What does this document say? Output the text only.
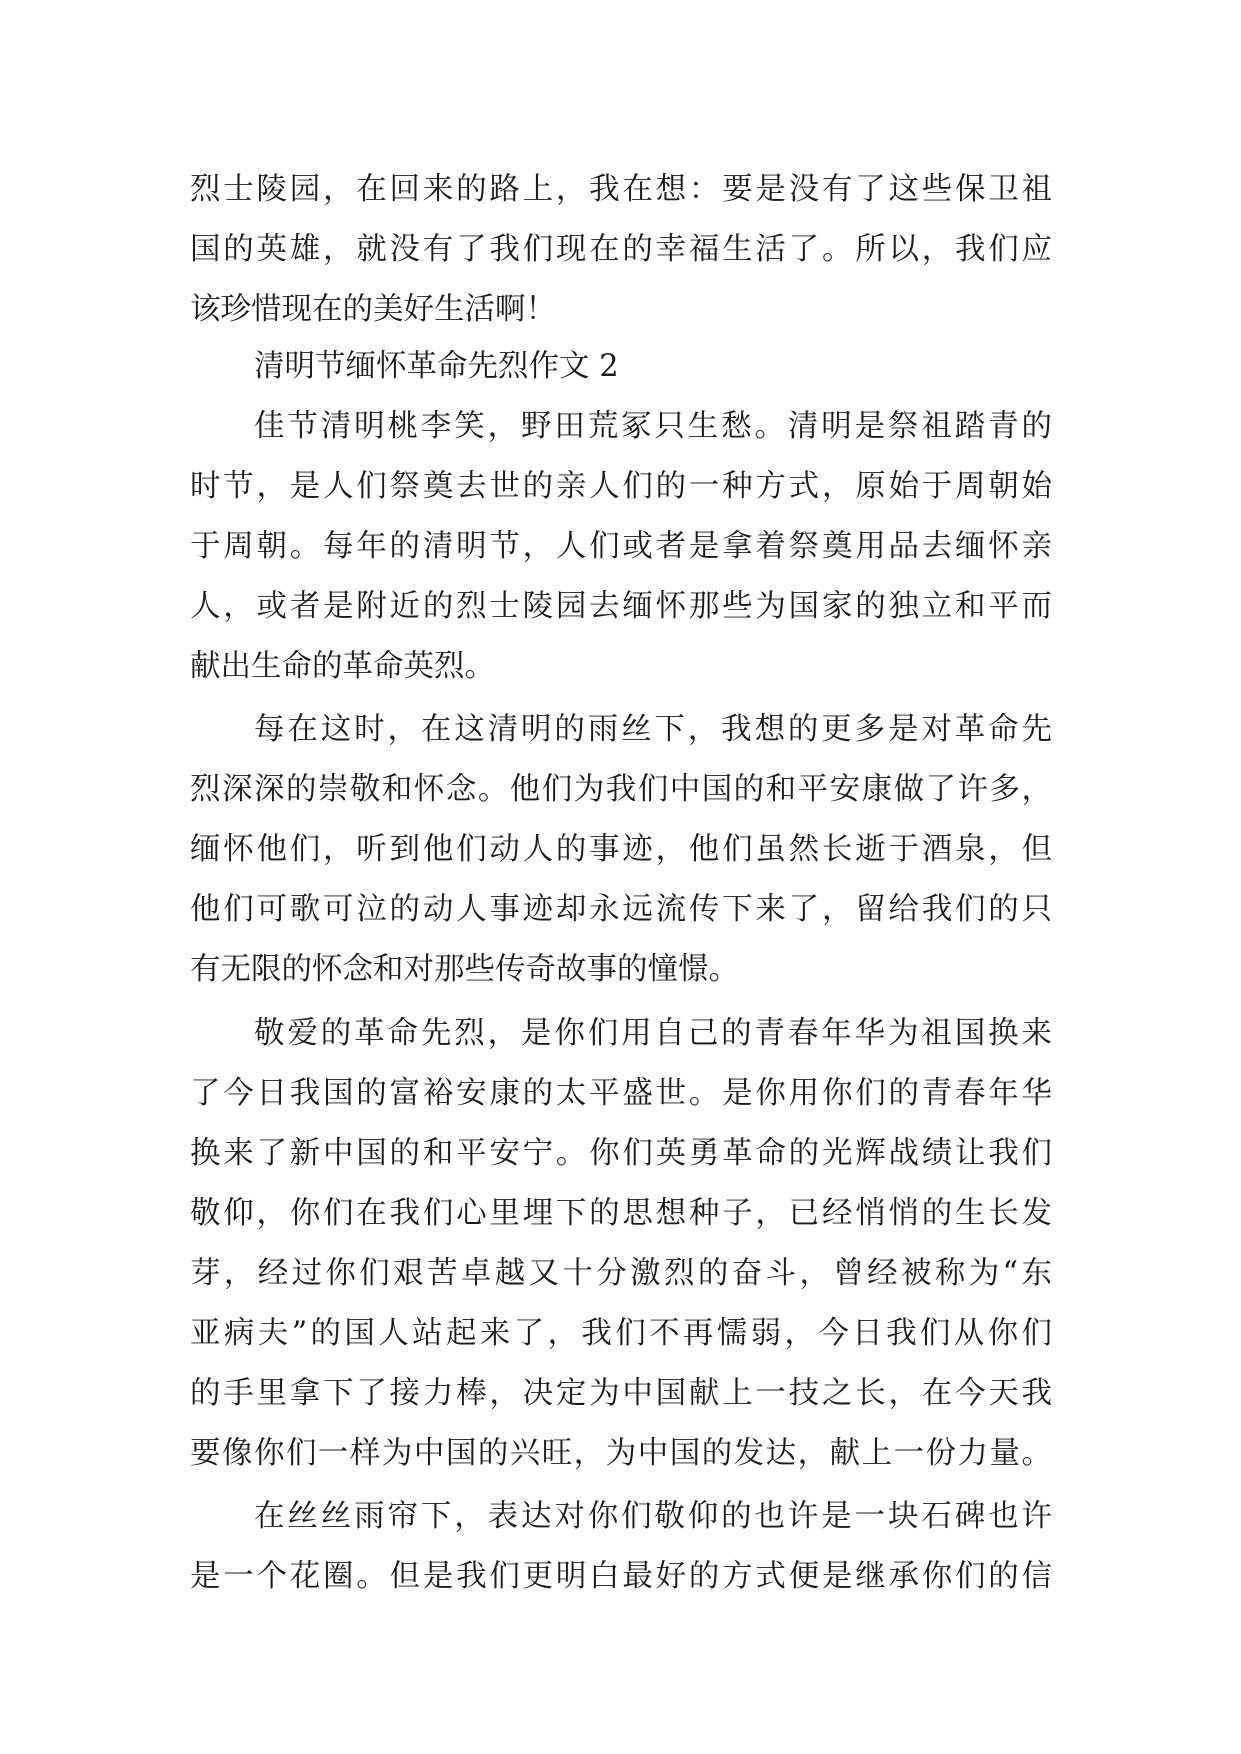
烈士陵园，在回来的路上，我在想：要是没有了这些保卫祖

国的英雄，就没有了我们现在的幸福生活了。所以，我们应

该珍惜现在的美好生活啊！

清明节缅怀革命先烈作文 2

佳节清明桃李笑，野田荒冢只生愁。清明是祭祖踏青的

时节，是人们祭奠去世的亲人们的一种方式，原始于周朝始

于周朝。每年的清明节，人们或者是拿着祭奠用品去缅怀亲

人，或者是附近的烈士陵园去缅怀那些为国家的独立和平而

献出生命的革命英烈。

每在这时，在这清明的雨丝下，我想的更多是对革命先

烈深深的崇敬和怀念。他们为我们中国的和平安康做了许多，

缅怀他们，听到他们动人的事迹，他们虽然长逝于酒泉，但

他们可歌可泣的动人事迹却永远流传下来了，留给我们的只

有无限的怀念和对那些传奇故事的憧憬。

敬爱的革命先烈，是你们用自己的青春年华为祖国换来

了今日我国的富裕安康的太平盛世。是你用你们的青春年华

换来了新中国的和平安宁。你们英勇革命的光辉战绩让我们

敬仰，你们在我们心里埋下的思想种子，已经悄悄的生长发

芽，经过你们艰苦卓越又十分激烈的奋斗，曾经被称为“东

亚病夫”的国人站起来了，我们不再懦弱，今日我们从你们

的手里拿下了接力棒，决定为中国献上一技之长，在今天我

要像你们一样为中国的兴旺，为中国的发达，献上一份力量。

在丝丝雨帘下，表达对你们敬仰的也许是一块石碑也许

是一个花圈。但是我们更明白最好的方式便是继承你们的信
